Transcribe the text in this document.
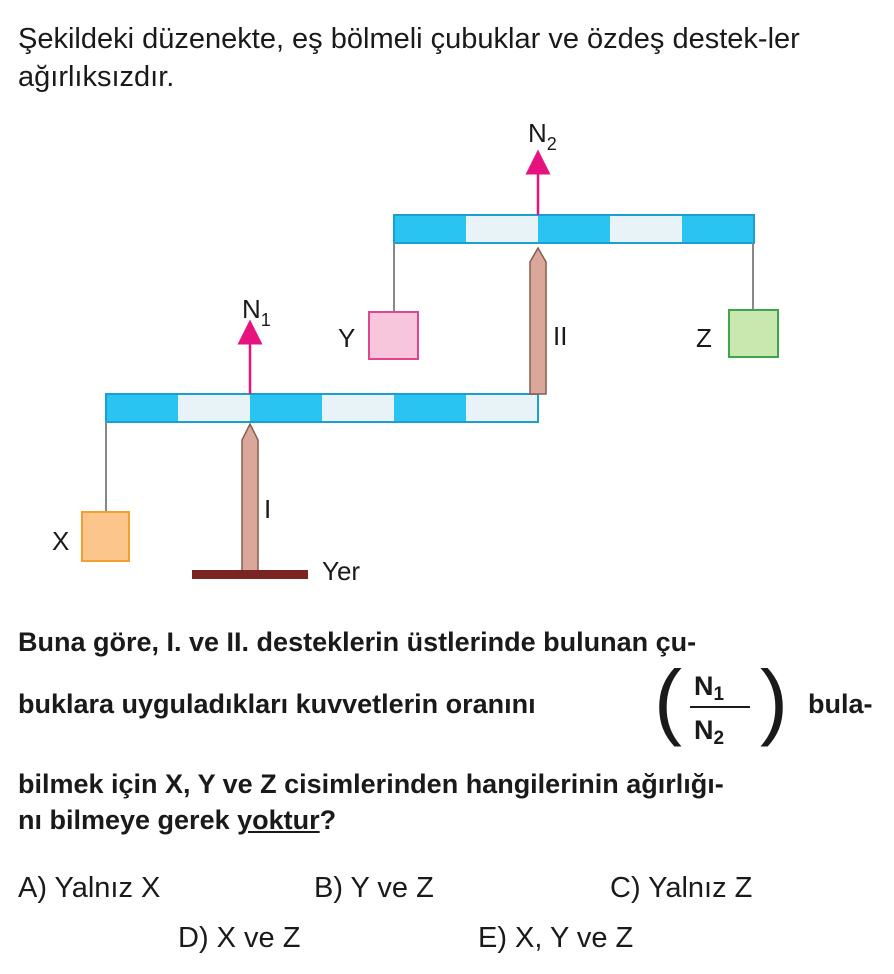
Şekildeki düzenekte, eş bölmeli çubuklar ve özdeş destek-ler ağırlıksızdır.
$N_2$
$N_1$
II
I
Yer
Y	Z
X
Buna göre, I. ve II. desteklerin üstlerinde bulunan çu-
buklara uyguladıkları kuvvetlerin oranını ( $N_1$
$N_2$ ) bula-
bilmek için X, Y ve Z cisimlerinden hangilerinin ağırlığı-
nı bilmeye gerek yoktur?
A) Yalnız X	B) Y ve Z	C) Yalnız Z
D) X ve Z	E) X, Y ve Z
